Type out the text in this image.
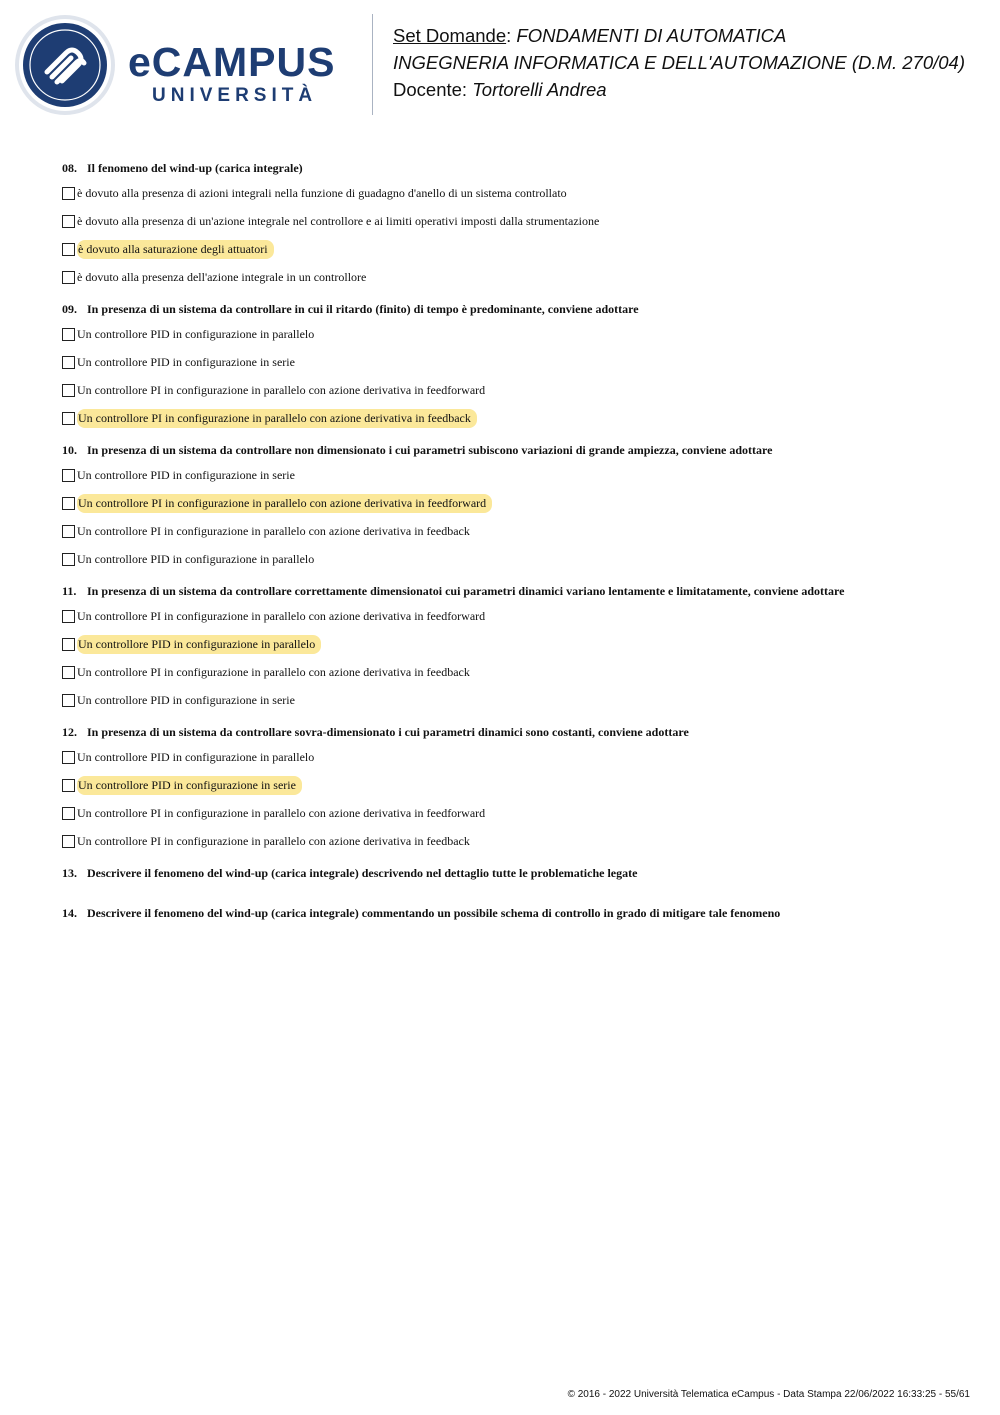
eCAMPUS
UNIVERSITÀ
Set Domande: FONDAMENTI DI AUTOMATICA
INGEGNERIA INFORMATICA E DELL'AUTOMAZIONE (D.M. 270/04)
Docente: Tortorelli Andrea
08. Il fenomeno del wind-up (carica integrale)
è dovuto alla presenza di azioni integrali nella funzione di guadagno d'anello di un sistema controllato
è dovuto alla presenza di un'azione integrale nel controllore e ai limiti operativi imposti dalla strumentazione
è dovuto alla saturazione degli attuatori
è dovuto alla presenza dell'azione integrale in un controllore
09. In presenza di un sistema da controllare in cui il ritardo (finito) di tempo è predominante, conviene adottare
Un controllore PID in configurazione in parallelo
Un controllore PID in configurazione in serie
Un controllore PI in configurazione in parallelo con azione derivativa in feedforward
Un controllore PI in configurazione in parallelo con azione derivativa in feedback
10. In presenza di un sistema da controllare non dimensionato i cui parametri subiscono variazioni di grande ampiezza, conviene adottare
Un controllore PID in configurazione in serie
Un controllore PI in configurazione in parallelo con azione derivativa in feedforward
Un controllore PI in configurazione in parallelo con azione derivativa in feedback
Un controllore PID in configurazione in parallelo
11. In presenza di un sistema da controllare correttamente dimensionatoi cui parametri dinamici variano lentamente e limitatamente, conviene adottare
Un controllore PI in configurazione in parallelo con azione derivativa in feedforward
Un controllore PID in configurazione in parallelo
Un controllore PI in configurazione in parallelo con azione derivativa in feedback
Un controllore PID in configurazione in serie
12. In presenza di un sistema da controllare sovra-dimensionato i cui parametri dinamici sono costanti, conviene adottare
Un controllore PID in configurazione in parallelo
Un controllore PID in configurazione in serie
Un controllore PI in configurazione in parallelo con azione derivativa in feedforward
Un controllore PI in configurazione in parallelo con azione derivativa in feedback
13. Descrivere il fenomeno del wind-up (carica integrale) descrivendo nel dettaglio tutte le problematiche legate
14. Descrivere il fenomeno del wind-up (carica integrale) commentando un possibile schema di controllo in grado di mitigare tale fenomeno
© 2016 - 2022 Università Telematica eCampus - Data Stampa 22/06/2022 16:33:25 - 55/61
